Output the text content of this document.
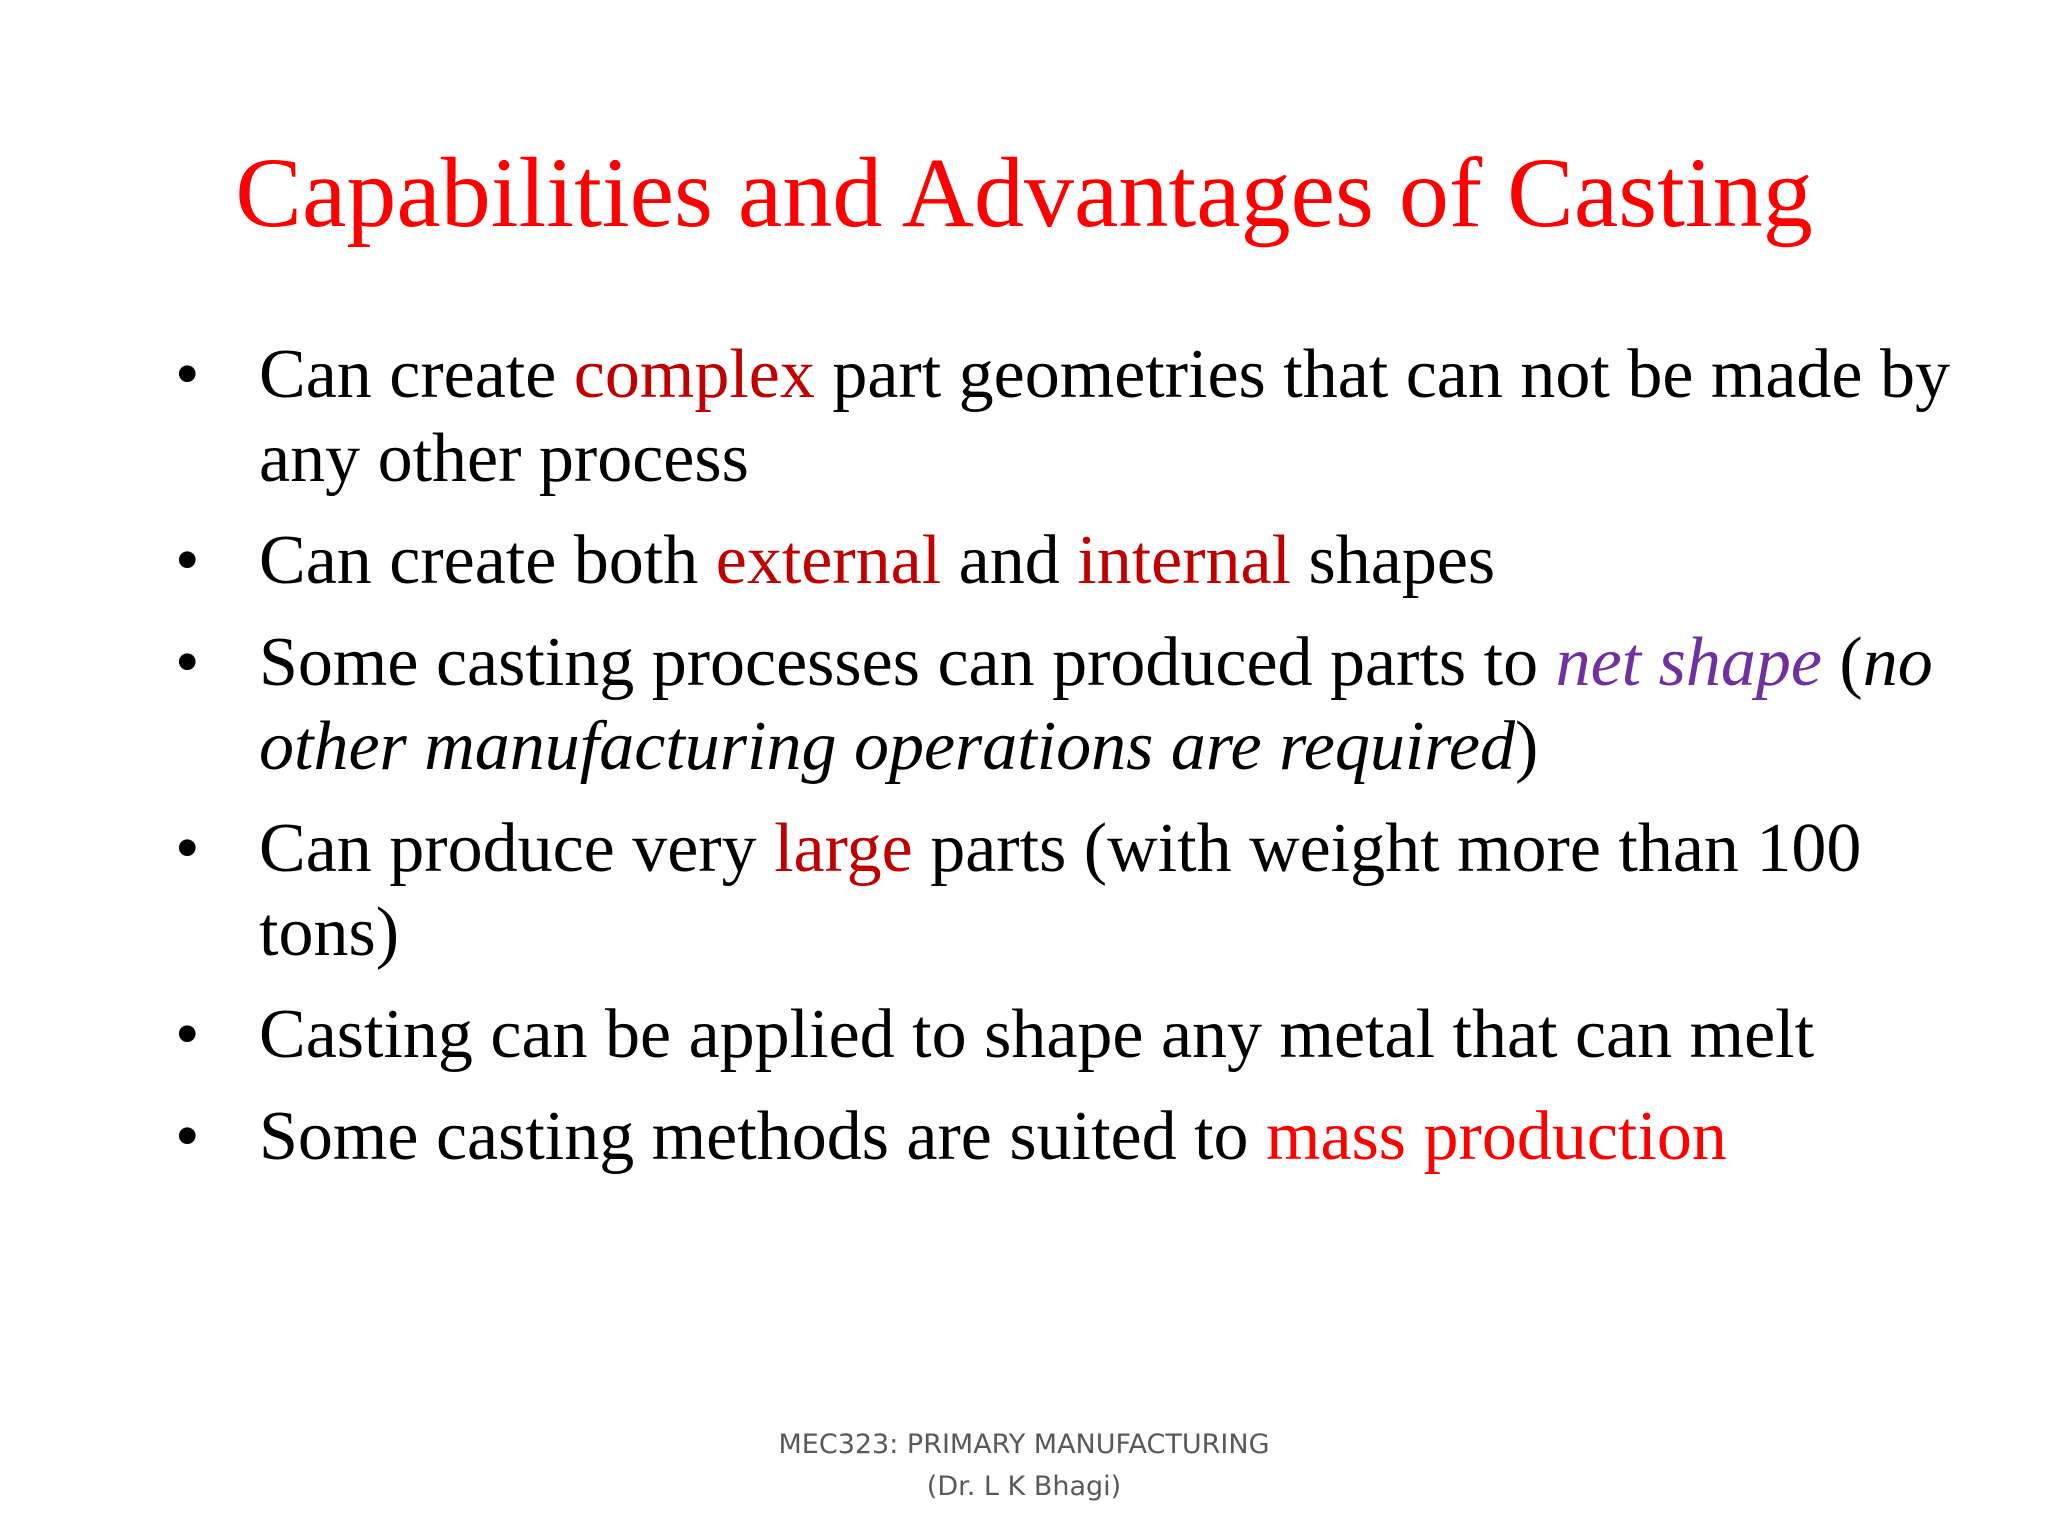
Capabilities and Advantages of Casting
• Can create complex part geometries that can not be made by any other process
• Can create both external and internal shapes
• Some casting processes can produced parts to net shape (no other manufacturing operations are required)
• Can produce very large parts (with weight more than 100 tons)
• Casting can be applied to shape any metal that can melt
• Some casting methods are suited to mass production
MEC323: PRIMARY MANUFACTURING
(Dr. L K Bhagi)
